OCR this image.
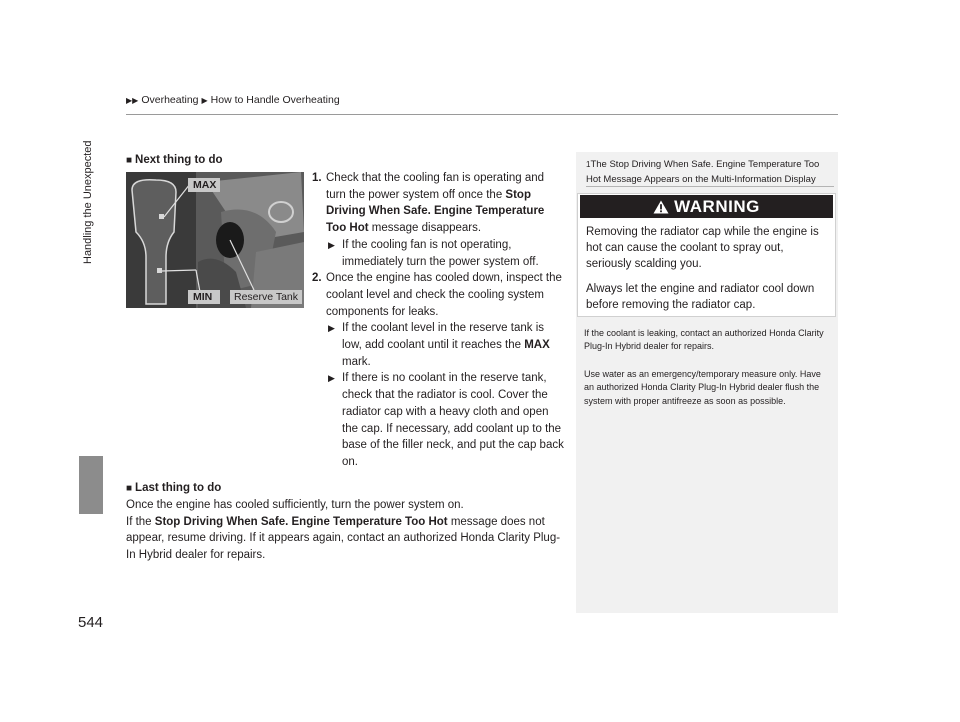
▶▶ Overheating ▶ How to Handle Overheating
Handling the Unexpected
544
■ Next thing to do
MAX
MIN Reserve Tank
1. Check that the cooling fan is operating and turn the power system off once the Stop Driving When Safe. Engine Temperature Too Hot message disappears.
▶ If the cooling fan is not operating, immediately turn the power system off.
2. Once the engine has cooled down, inspect the coolant level and check the cooling system components for leaks.
▶ If the coolant level in the reserve tank is low, add coolant until it reaches the MAX mark.
▶ If there is no coolant in the reserve tank, check that the radiator is cool. Cover the radiator cap with a heavy cloth and open the cap. If necessary, add coolant up to the base of the filler neck, and put the cap back on.
■ Last thing to do
Once the engine has cooled sufficiently, turn the power system on.
If the Stop Driving When Safe. Engine Temperature Too Hot message does not appear, resume driving. If it appears again, contact an authorized Honda Clarity Plug-In Hybrid dealer for repairs.
$^1$The Stop Driving When Safe. Engine Temperature Too Hot Message Appears on the Multi-Information Display
WARNING
Removing the radiator cap while the engine is hot can cause the coolant to spray out, seriously scalding you.
Always let the engine and radiator cool down before removing the radiator cap.
If the coolant is leaking, contact an authorized Honda Clarity Plug-In Hybrid dealer for repairs.
Use water as an emergency/temporary measure only. Have an authorized Honda Clarity Plug-In Hybrid dealer flush the system with proper antifreeze as soon as possible.
